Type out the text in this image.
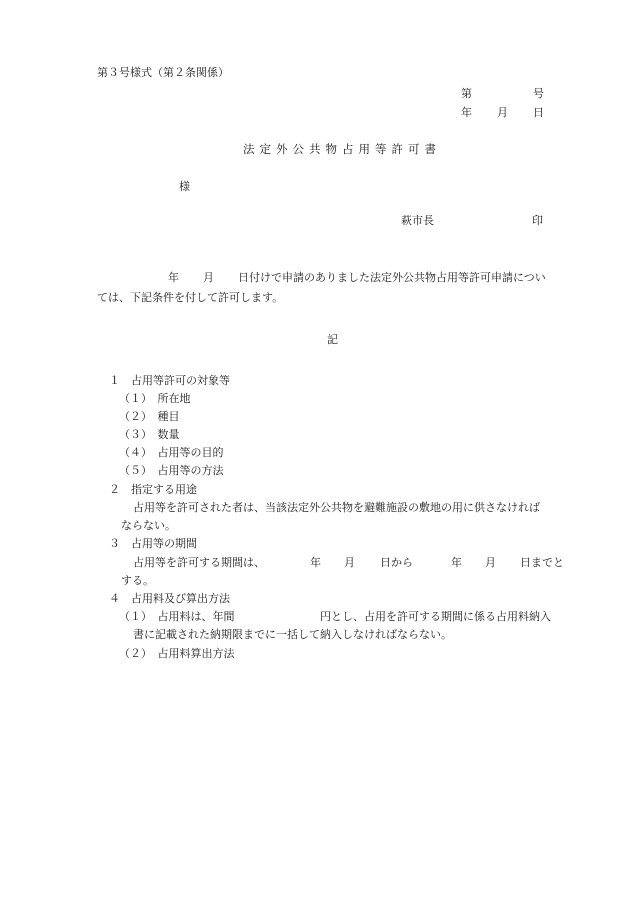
第３号様式（第２条関係）
第	号
年 月 日
法定外公共物占用等許可書
様
萩市長	印
年 月 日付けで申請のありました法定外公共物占用等許可申請につい
ては、下記条件を付して許可します。
記
１　占用等許可の対象等
（１）　所在地
（２）　種目
（３）　数量
（４）　占用等の目的
（５）　占用等の方法
２　指定する用途
占用等を許可された者は、当該法定外公共物を避難施設の敷地の用に供さなければ
ならない。
３　占用等の期間
占用等を許可する期間は、	年 月 日から	年 月 日までと
する。
４　占用料及び算出方法
（１）　占用料は、年間	円とし、占用を許可する期間に係る占用料納入
書に記載された納期限までに一括して納入しなければならない。
（２）　占用料算出方法
